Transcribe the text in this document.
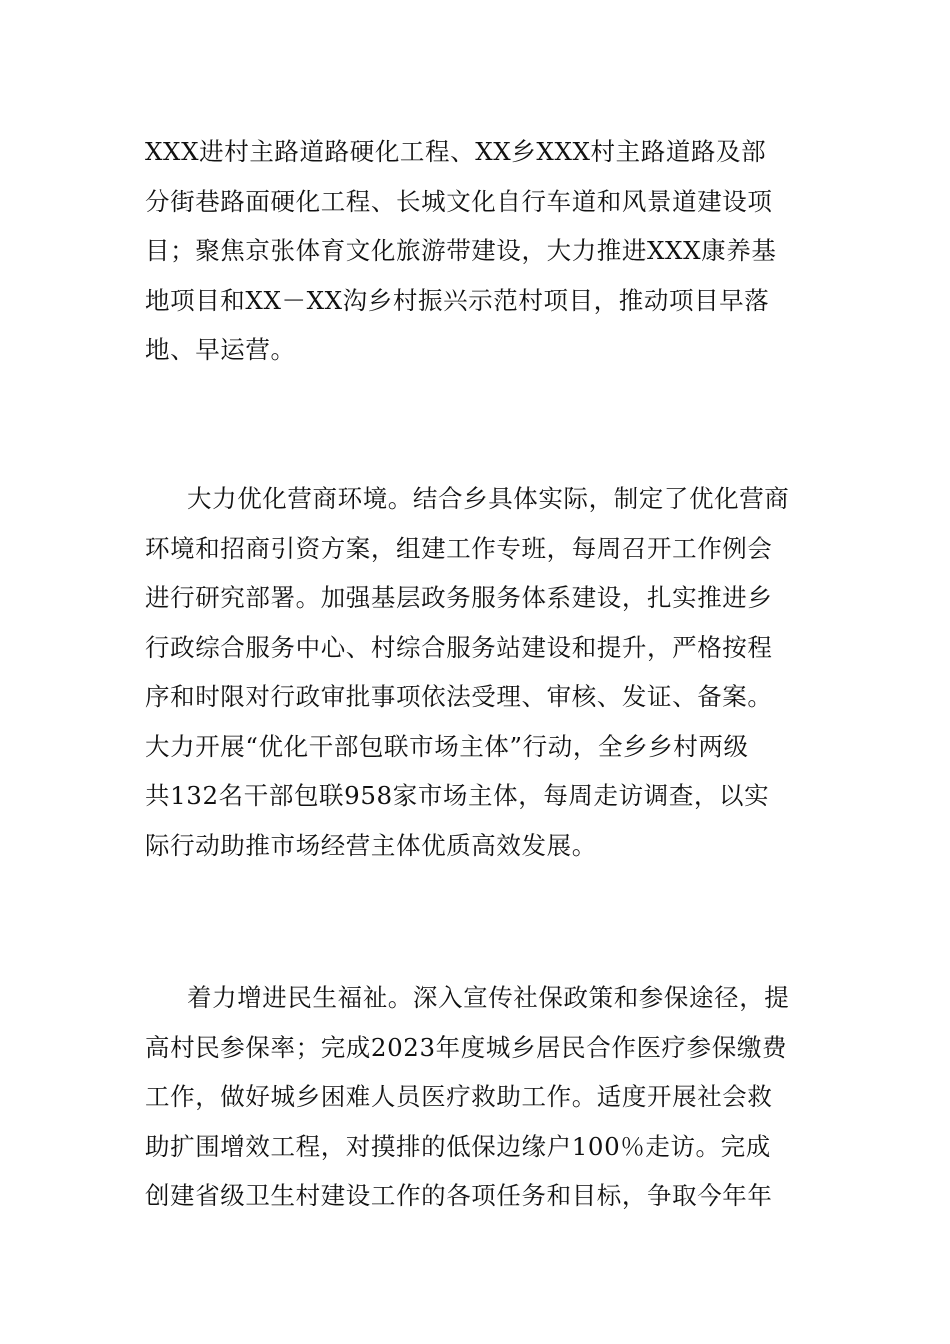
XXX进村主路道路硬化工程、XX乡XXX村主路道路及部
分街巷路面硬化工程、长城文化自行车道和风景道建设项
目；聚焦京张体育文化旅游带建设，大力推进XXX康养基
地项目和XX－XX沟乡村振兴示范村项目，推动项目早落
地、早运营。
大力优化营商环境。结合乡具体实际，制定了优化营商
环境和招商引资方案，组建工作专班，每周召开工作例会
进行研究部署。加强基层政务服务体系建设，扎实推进乡
行政综合服务中心、村综合服务站建设和提升，严格按程
序和时限对行政审批事项依法受理、审核、发证、备案。
大力开展“优化干部包联市场主体”行动，全乡乡村两级
共132名干部包联958家市场主体，每周走访调查，以实
际行动助推市场经营主体优质高效发展。
着力增进民生福祉。深入宣传社保政策和参保途径，提
高村民参保率；完成2023年度城乡居民合作医疗参保缴费
工作，做好城乡困难人员医疗救助工作。适度开展社会救
助扩围增效工程，对摸排的低保边缘户100％走访。完成
创建省级卫生村建设工作的各项任务和目标，争取今年年
